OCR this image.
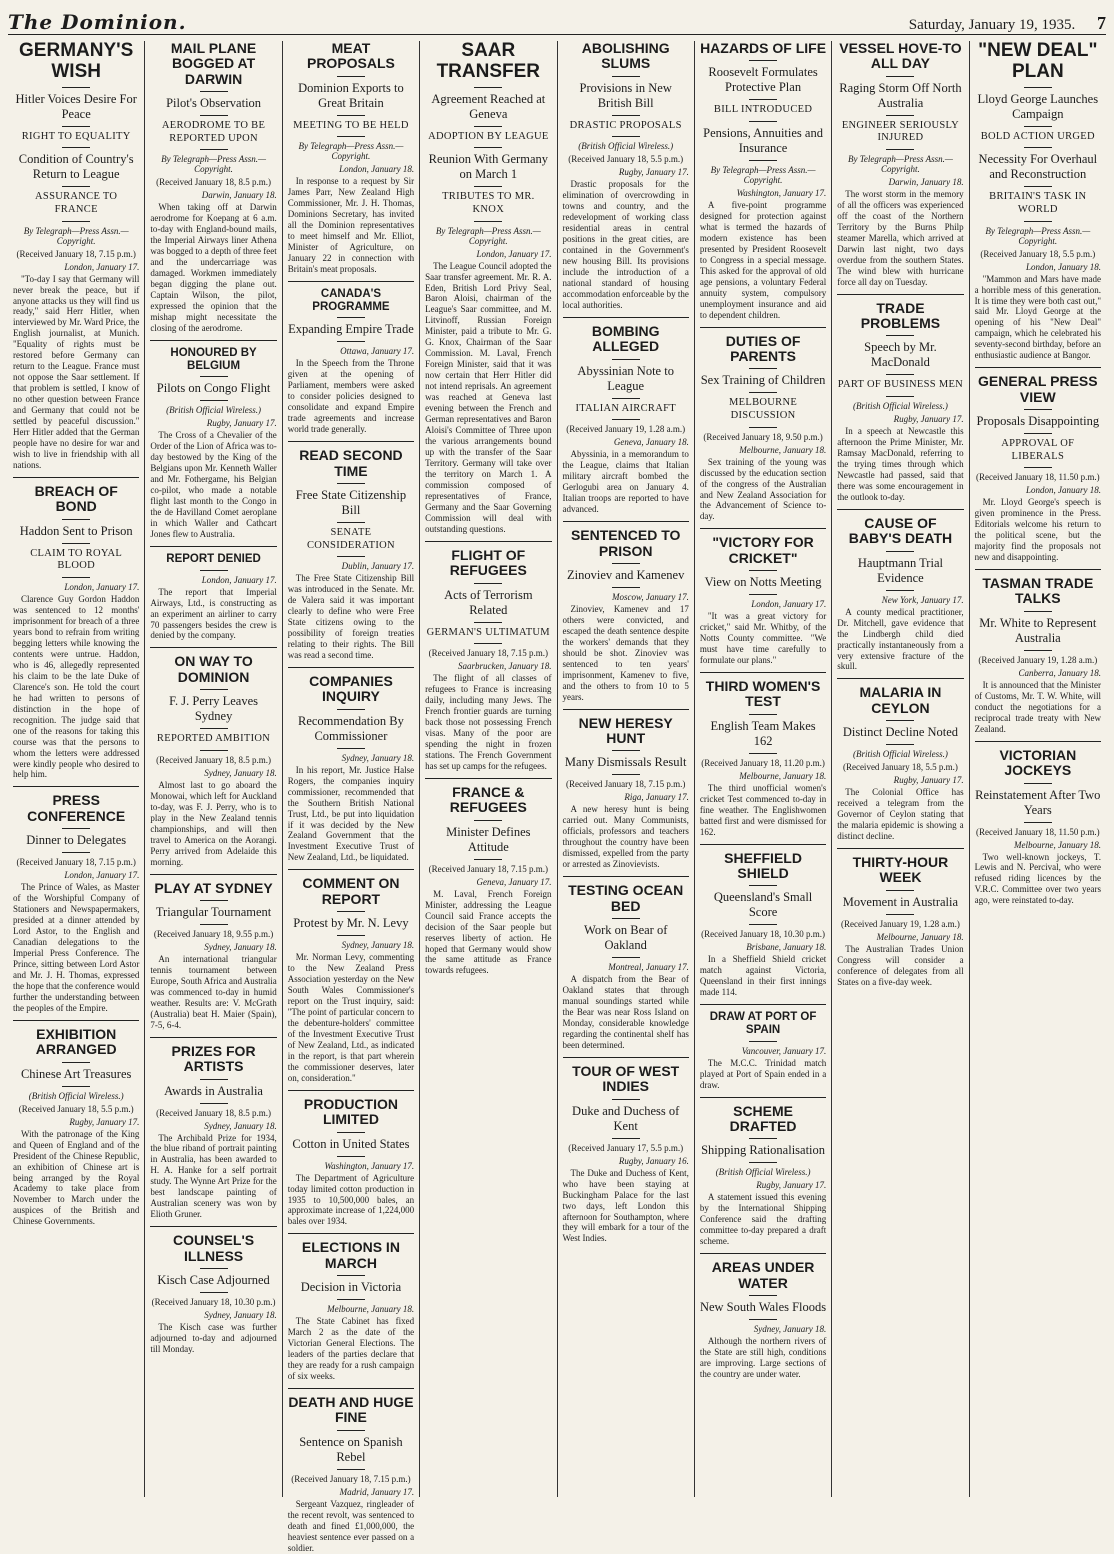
The Dominion.	Saturday, January 19, 1935. 7
GERMANY'S WISH
Hitler Voices Desire For Peace
RIGHT TO EQUALITY
Condition of Country's Return to League
ASSURANCE TO FRANCE
By Telegraph—Press Assn.—Copyright.
(Received January 18, 7.15 p.m.)
London, January 17.

"To-day I say that Germany will never break the peace, but if anyone attacks us they will find us ready," said Herr Hitler, when interviewed by Mr. Ward Price, the English journalist, at Munich. "Equality of rights must be restored before Germany can return to the League. France must not oppose the Saar settlement. If that problem is settled, I know of no other question between France and Germany that could not be settled by peaceful discussion." Herr Hitler added that the German people have no desire for war and wish to live in friendship with all nations.

BREACH OF BOND
Haddon Sent to Prison
CLAIM TO ROYAL BLOOD
London, January 17.

Clarence Guy Gordon Haddon was sentenced to 12 months' imprisonment for breach of a three years bond to refrain from writing begging letters while knowing the contents were untrue. Haddon, who is 46, allegedly represented his claim to be the late Duke of Clarence's son. He told the court he had written to persons of distinction in the hope of recognition. The judge said that one of the reasons for taking this course was that the persons to whom the letters were addressed were kindly people who desired to help him.

PRESS CONFERENCE
Dinner to Delegates
(Received January 18, 7.15 p.m.)
London, January 17.

The Prince of Wales, as Master of the Worshipful Company of Stationers and Newspapermakers, presided at a dinner attended by Lord Astor, to the English and Canadian delegations to the Imperial Press Conference. The Prince, sitting between Lord Astor and Mr. J. H. Thomas, expressed the hope that the conference would further the understanding between the peoples of the Empire.

EXHIBITION ARRANGED
Chinese Art Treasures
(British Official Wireless.)
(Received January 18, 5.5 p.m.)
Rugby, January 17.

With the patronage of the King and Queen of England and of the President of the Chinese Republic, an exhibition of Chinese art is being arranged by the Royal Academy to take place from November to March under the auspices of the British and Chinese Governments.

MAIL PLANE BOGGED AT DARWIN
Pilot's Observation
AERODROME TO BE REPORTED UPON
By Telegraph—Press Assn.—Copyright.
(Received January 18, 8.5 p.m.)
Darwin, January 18.

When taking off at Darwin aerodrome for Koepang at 6 a.m. to-day with England-bound mails, the Imperial Airways liner Athena was bogged to a depth of three feet and the undercarriage was damaged. Workmen immediately began digging the plane out. Captain Wilson, the pilot, expressed the opinion that the mishap might necessitate the closing of the aerodrome.

HONOURED BY BELGIUM
Pilots on Congo Flight
(British Official Wireless.)
Rugby, January 17.

The Cross of a Chevalier of the Order of the Lion of Africa was to-day bestowed by the King of the Belgians upon Mr. Kenneth Waller and Mr. Fothergame, his Belgian co-pilot, who made a notable flight last month to the Congo in the de Havilland Comet aeroplane in which Waller and Cathcart Jones flew to Australia.

REPORT DENIED
London, January 17.

The report that Imperial Airways, Ltd., is constructing as an experiment an airliner to carry 70 passengers besides the crew is denied by the company.

ON WAY TO DOMINION
F. J. Perry Leaves Sydney
REPORTED AMBITION
(Received January 18, 8.5 p.m.)
Sydney, January 18.

Almost last to go aboard the Monowai, which left for Auckland to-day, was F. J. Perry, who is to play in the New Zealand tennis championships, and will then travel to America on the Aorangi. Perry arrived from Adelaide this morning.

PLAY AT SYDNEY
Triangular Tournament
(Received January 18, 9.55 p.m.)
Sydney, January 18.

An international triangular tennis tournament between Europe, South Africa and Australia was commenced to-day in humid weather. Results are: V. McGrath (Australia) beat H. Maier (Spain), 7-5, 6-4.

PRIZES FOR ARTISTS
Awards in Australia
(Received January 18, 8.5 p.m.)
Sydney, January 18.

The Archibald Prize for 1934, the blue riband of portrait painting in Australia, has been awarded to H. A. Hanke for a self portrait study. The Wynne Art Prize for the best landscape painting of Australian scenery was won by Elioth Gruner.

COUNSEL'S ILLNESS
Kisch Case Adjourned
(Received January 18, 10.30 p.m.)
Sydney, January 18.

The Kisch case was further adjourned to-day and adjourned till Monday.

MEAT PROPOSALS
Dominion Exports to Great Britain
MEETING TO BE HELD
By Telegraph—Press Assn.—Copyright.
London, January 18.

In response to a request by Sir James Parr, New Zealand High Commissioner, Mr. J. H. Thomas, Dominions Secretary, has invited all the Dominion representatives to meet himself and Mr. Elliot, Minister of Agriculture, on January 22 in connection with Britain's meat proposals.

CANADA'S PROGRAMME
Expanding Empire Trade
Ottawa, January 17.

In the Speech from the Throne given at the opening of Parliament, members were asked to consider policies designed to consolidate and expand Empire trade agreements and increase world trade generally.

READ SECOND TIME
Free State Citizenship Bill
SENATE CONSIDERATION
Dublin, January 17.

The Free State Citizenship Bill was introduced in the Senate. Mr. de Valera said it was important clearly to define who were Free State citizens owing to the possibility of foreign treaties relating to their rights. The Bill was read a second time.

COMPANIES INQUIRY
Recommendation By Commissioner
Sydney, January 18.

In his report, Mr. Justice Halse Rogers, the companies inquiry commissioner, recommended that the Southern British National Trust, Ltd., be put into liquidation if it was decided by the New Zealand Government that the Investment Executive Trust of New Zealand, Ltd., be liquidated.

COMMENT ON REPORT
Protest by Mr. N. Levy
Sydney, January 18.

Mr. Norman Levy, commenting to the New Zealand Press Association yesterday on the New South Wales Commissioner's report on the Trust inquiry, said: "The point of particular concern to the debenture-holders' committee of the Investment Executive Trust of New Zealand, Ltd., as indicated in the report, is that part wherein the commissioner deserves, later on, consideration."

PRODUCTION LIMITED
Cotton in United States
Washington, January 17.

The Department of Agriculture today limited cotton production in 1935 to 10,500,000 bales, an approximate increase of 1,224,000 bales over 1934.

ELECTIONS IN MARCH
Decision in Victoria
Melbourne, January 18.

The State Cabinet has fixed March 2 as the date of the Victorian General Elections. The leaders of the parties declare that they are ready for a rush campaign of six weeks.

DEATH AND HUGE FINE
Sentence on Spanish Rebel
(Received January 18, 7.15 p.m.)
Madrid, January 17.

Sergeant Vazquez, ringleader of the recent revolt, was sentenced to death and fined £1,000,000, the heaviest sentence ever passed on a soldier.

SAAR TRANSFER
Agreement Reached at Geneva
ADOPTION BY LEAGUE
Reunion With Germany on March 1
TRIBUTES TO MR. KNOX
By Telegraph—Press Assn.—Copyright.
London, January 17.

The League Council adopted the Saar transfer agreement. Mr. R. A. Eden, British Lord Privy Seal, Baron Aloisi, chairman of the League's Saar committee, and M. Litvinoff, Russian Foreign Minister, paid a tribute to Mr. G. G. Knox, Chairman of the Saar Commission. M. Laval, French Foreign Minister, said that it was now certain that Herr Hitler did not intend reprisals. An agreement was reached at Geneva last evening between the French and German representatives and Baron Aloisi's Committee of Three upon the various arrangements bound up with the transfer of the Saar Territory. Germany will take over the territory on March 1. A commission composed of representatives of France, Germany and the Saar Governing Commission will deal with outstanding questions.

FLIGHT OF REFUGEES
Acts of Terrorism Related
GERMAN'S ULTIMATUM
(Received January 18, 7.15 p.m.)
Saarbrucken, January 18.

The flight of all classes of refugees to France is increasing daily, including many Jews. The French frontier guards are turning back those not possessing French visas. Many of the poor are spending the night in frozen stations. The French Government has set up camps for the refugees.

FRANCE & REFUGEES
Minister Defines Attitude
(Received January 18, 7.15 p.m.)
Geneva, January 17.

M. Laval, French Foreign Minister, addressing the League Council said France accepts the decision of the Saar people but reserves liberty of action. He hoped that Germany would show the same attitude as France towards refugees.

ABOLISHING SLUMS
Provisions in New British Bill
DRASTIC PROPOSALS
(British Official Wireless.)
(Received January 18, 5.5 p.m.)
Rugby, January 17.

Drastic proposals for the elimination of overcrowding in towns and country, and the redevelopment of working class residential areas in central positions in the great cities, are contained in the Government's new housing Bill. Its provisions include the introduction of a national standard of housing accommodation enforceable by the local authorities.

BOMBING ALLEGED
Abyssinian Note to League
ITALIAN AIRCRAFT
(Received January 19, 1.28 a.m.)
Geneva, January 18.

Abyssinia, in a memorandum to the League, claims that Italian military aircraft bombed the Gerlogubi area on January 4. Italian troops are reported to have advanced.

SENTENCED TO PRISON
Zinoviev and Kamenev
Moscow, January 17.

Zinoviev, Kamenev and 17 others were convicted, and escaped the death sentence despite the workers' demands that they should be shot. Zinoviev was sentenced to ten years' imprisonment, Kamenev to five, and the others to from 10 to 5 years.

NEW HERESY HUNT
Many Dismissals Result
(Received January 18, 7.15 p.m.)
Riga, January 17.

A new heresy hunt is being carried out. Many Communists, officials, professors and teachers throughout the country have been dismissed, expelled from the party or arrested as Zinovievists.

TESTING OCEAN BED
Work on Bear of Oakland
Montreal, January 17.

A dispatch from the Bear of Oakland states that through manual soundings started while the Bear was near Ross Island on Monday, considerable knowledge regarding the continental shelf has been determined.

TOUR OF WEST INDIES
Duke and Duchess of Kent
(Received January 17, 5.5 p.m.)
Rugby, January 16.

The Duke and Duchess of Kent, who have been staying at Buckingham Palace for the last two days, left London this afternoon for Southampton, where they will embark for a tour of the West Indies.

HAZARDS OF LIFE
Roosevelt Formulates Protective Plan
BILL INTRODUCED
Pensions, Annuities and Insurance
By Telegraph—Press Assn.—Copyright.
Washington, January 17.

A five-point programme designed for protection against what is termed the hazards of modern existence has been presented by President Roosevelt to Congress in a special message. This asked for the approval of old age pensions, a voluntary Federal annuity system, compulsory unemployment insurance and aid to dependent children.

DUTIES OF PARENTS
Sex Training of Children
MELBOURNE DISCUSSION
(Received January 18, 9.50 p.m.)
Melbourne, January 18.

Sex training of the young was discussed by the education section of the congress of the Australian and New Zealand Association for the Advancement of Science to-day.

"VICTORY FOR CRICKET"
View on Notts Meeting
London, January 17.

"It was a great victory for cricket," said Mr. Whitby, of the Notts County committee. "We must have time carefully to formulate our plans."

THIRD WOMEN'S TEST
English Team Makes 162
(Received January 18, 11.20 p.m.)
Melbourne, January 18.

The third unofficial women's cricket Test commenced to-day in fine weather. The Englishwomen batted first and were dismissed for 162.

SHEFFIELD SHIELD
Queensland's Small Score
(Received January 18, 10.30 p.m.)
Brisbane, January 18.

In a Sheffield Shield cricket match against Victoria, Queensland in their first innings made 114.

DRAW AT PORT OF SPAIN
Vancouver, January 17.

The M.C.C. Trinidad match played at Port of Spain ended in a draw.

SCHEME DRAFTED
Shipping Rationalisation
(British Official Wireless.)
Rugby, January 17.

A statement issued this evening by the International Shipping Conference said the drafting committee to-day prepared a draft scheme.

AREAS UNDER WATER
New South Wales Floods
Sydney, January 18.

Although the northern rivers of the State are still high, conditions are improving. Large sections of the country are under water.

VESSEL HOVE-TO ALL DAY
Raging Storm Off North Australia
ENGINEER SERIOUSLY INJURED
By Telegraph—Press Assn.—Copyright.
Darwin, January 18.

The worst storm in the memory of all the officers was experienced off the coast of the Northern Territory by the Burns Philp steamer Marella, which arrived at Darwin last night, two days overdue from the southern States. The wind blew with hurricane force all day on Tuesday.

TRADE PROBLEMS
Speech by Mr. MacDonald
PART OF BUSINESS MEN
(British Official Wireless.)
Rugby, January 17.

In a speech at Newcastle this afternoon the Prime Minister, Mr. Ramsay MacDonald, referring to the trying times through which Newcastle had passed, said that there was some encouragement in the outlook to-day.

CAUSE OF BABY'S DEATH
Hauptmann Trial Evidence
New York, January 17.

A county medical practitioner, Dr. Mitchell, gave evidence that the Lindbergh child died practically instantaneously from a very extensive fracture of the skull.

MALARIA IN CEYLON
Distinct Decline Noted
(British Official Wireless.)
(Received January 18, 5.5 p.m.)
Rugby, January 17.

The Colonial Office has received a telegram from the Governor of Ceylon stating that the malaria epidemic is showing a distinct decline.

THIRTY-HOUR WEEK
Movement in Australia
(Received January 19, 1.28 a.m.)
Melbourne, January 18.

The Australian Trades Union Congress will consider a conference of delegates from all States on a five-day week.

"NEW DEAL" PLAN
Lloyd George Launches Campaign
BOLD ACTION URGED
Necessity For Overhaul and Reconstruction
BRITAIN'S TASK IN WORLD
By Telegraph—Press Assn.—Copyright.
(Received January 18, 5.5 p.m.)
London, January 18.

"Mammon and Mars have made a horrible mess of this generation. It is time they were both cast out," said Mr. Lloyd George at the opening of his "New Deal" campaign, which he celebrated his seventy-second birthday, before an enthusiastic audience at Bangor.

GENERAL PRESS VIEW
Proposals Disappointing
APPROVAL OF LIBERALS
(Received January 18, 11.50 p.m.)
London, January 18.

Mr. Lloyd George's speech is given prominence in the Press. Editorials welcome his return to the political scene, but the majority find the proposals not new and disappointing.

TASMAN TRADE TALKS
Mr. White to Represent Australia
(Received January 19, 1.28 a.m.)
Canberra, January 18.

It is announced that the Minister of Customs, Mr. T. W. White, will conduct the negotiations for a reciprocal trade treaty with New Zealand.

VICTORIAN JOCKEYS
Reinstatement After Two Years
(Received January 18, 11.50 p.m.)
Melbourne, January 18.

Two well-known jockeys, T. Lewis and N. Percival, who were refused riding licences by the V.R.C. Committee over two years ago, were reinstated to-day.
